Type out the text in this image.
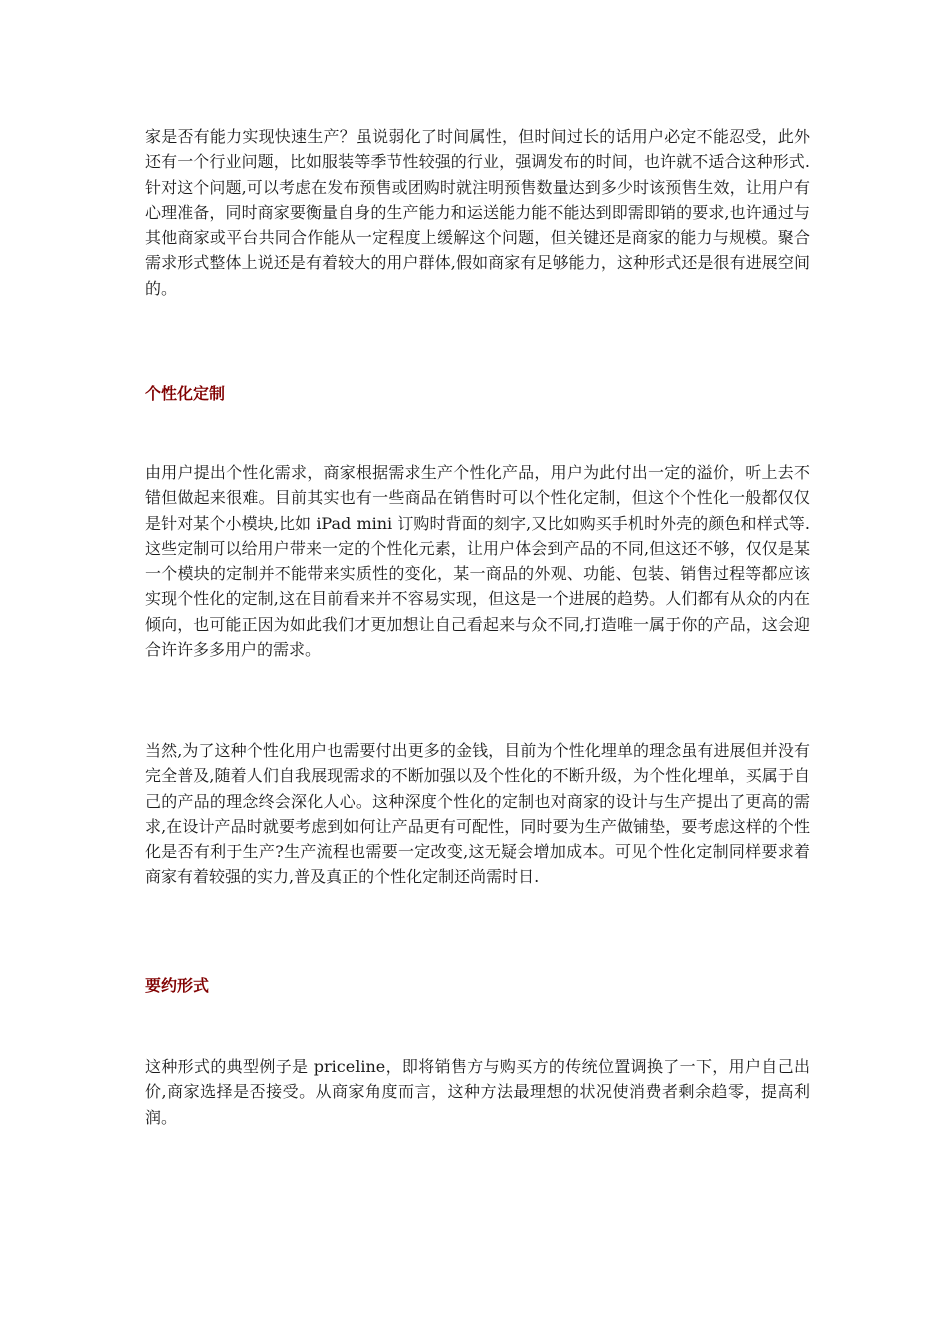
家是否有能力实现快速生产？虽说弱化了时间属性，但时间过长的话用户必定不能忍受，此外还有一个行业问题，比如服装等季节性较强的行业，强调发布的时间，也许就不适合这种形式.针对这个问题,可以考虑在发布预售或团购时就注明预售数量达到多少时该预售生效，让用户有心理准备，同时商家要衡量自身的生产能力和运送能力能不能达到即需即销的要求,也许通过与其他商家或平台共同合作能从一定程度上缓解这个问题，但关键还是商家的能力与规模。聚合需求形式整体上说还是有着较大的用户群体,假如商家有足够能力，这种形式还是很有进展空间的。

个性化定制

由用户提出个性化需求，商家根据需求生产个性化产品，用户为此付出一定的溢价，听上去不错但做起来很难。目前其实也有一些商品在销售时可以个性化定制，但这个个性化一般都仅仅是针对某个小模块,比如 iPad mini 订购时背面的刻字,又比如购买手机时外壳的颜色和样式等.这些定制可以给用户带来一定的个性化元素，让用户体会到产品的不同,但这还不够，仅仅是某一个模块的定制并不能带来实质性的变化，某一商品的外观、功能、包装、销售过程等都应该实现个性化的定制,这在目前看来并不容易实现，但这是一个进展的趋势。人们都有从众的内在倾向，也可能正因为如此我们才更加想让自己看起来与众不同,打造唯一属于你的产品，这会迎合许许多多用户的需求。

当然,为了这种个性化用户也需要付出更多的金钱，目前为个性化埋单的理念虽有进展但并没有完全普及,随着人们自我展现需求的不断加强以及个性化的不断升级，为个性化埋单，买属于自己的产品的理念终会深化人心。这种深度个性化的定制也对商家的设计与生产提出了更高的需求,在设计产品时就要考虑到如何让产品更有可配性，同时要为生产做铺垫，要考虑这样的个性化是否有利于生产?生产流程也需要一定改变,这无疑会增加成本。可见个性化定制同样要求着商家有着较强的实力,普及真正的个性化定制还尚需时日.

要约形式

这种形式的典型例子是 priceline，即将销售方与购买方的传统位置调换了一下，用户自己出价,商家选择是否接受。从商家角度而言，这种方法最理想的状况使消费者剩余趋零，提高利润。
